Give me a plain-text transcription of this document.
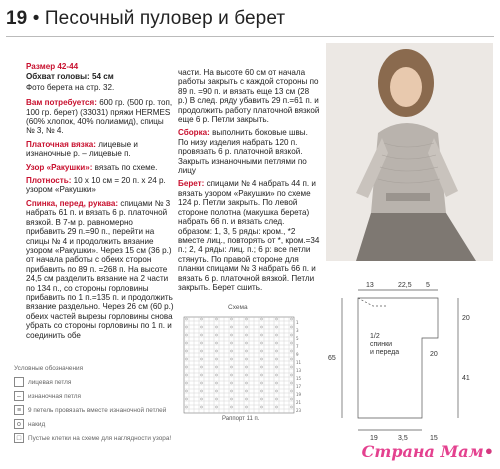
19 • Песочный пуловер и берет

Размер 42-44

Обхват головы: 54 см

Фото берета на стр. 32.

Вам потребуется: 600 гр. (500 гр. топ, 100 гр. берет) (33031) пряжи HERMES (60% хлопок, 40% полиамид), спицы № 3, № 4.

Платочная вязка: лицевые и изнаночные р. – лицевые п.

Узор «Ракушки»: вязать по схеме.

Плотность: 10 х 10 см = 20 п. х 24 р. узором «Ракушки»

Спинка, перед, рукава: спицами № 3 набрать 61 п. и вязать 6 р. платочной вязкой. В 7-м р. равномерно прибавить 29 п.=90 п., перейти на спицы № 4 и продолжить вязание узором «Ракушки». Через 15 см (36 р.) от начала работы с обеих сторон прибавить по 89 п. =268 п. На высоте 24,5 см разделить вязание на 2 части по 134 п., со стороны горловины прибавить по 1 п.=135 п. и продолжить вязание раздельно. Через 26 см (60 р.) обеих частей вырезы горловины снова убрать со стороны горловины по 1 п. и соединить обе

части. На высоте 60 см от начала работы закрыть с каждой стороны по 89 п. =90 п. и вязать еще 13 см (28 р.) В след. ряду убавить 29 п.=61 п. и продолжить работу платочной вязкой еще 6 р. Петли закрыть.

Сборка: выполнить боковые швы. По низу изделия набрать 120 п. провязать 6 р. платочной вязкой. Закрыть изнаночными петлями по лицу

Берет: спицами № 4 набрать 44 п. и вязать узором «Ракушки» по схеме 124 р. Петли закрыть. По левой стороне полотна (макушка берета) набрать 66 п. и вязать след. образом: 1, 3, 5 ряды: кром., *2 вместе лиц., повторять от *, кром.=34 п.; 2, 4 ряды: лиц. п.; 6 р: все петли стянуть. По правой стороне для планки спицами № 3 набрать 66 п. и вязать 6 р. платочной вязкой. Петли закрыть. Берет сшить.

Схема
23
21
19
17
15
13
11
9
7
5
3
1
Раппорт 11 п.
Условные обозначения
лицевая петля
–	изнаночная петля
≡	9 петель провязать вместе изнаночной петлей
o	накид
□	Пустые клетки на схеме для наглядности узора!
13	22,5 5
20
41
65
20
1/2
спинки
и переда
19	3,5	15
Страна Мам•
